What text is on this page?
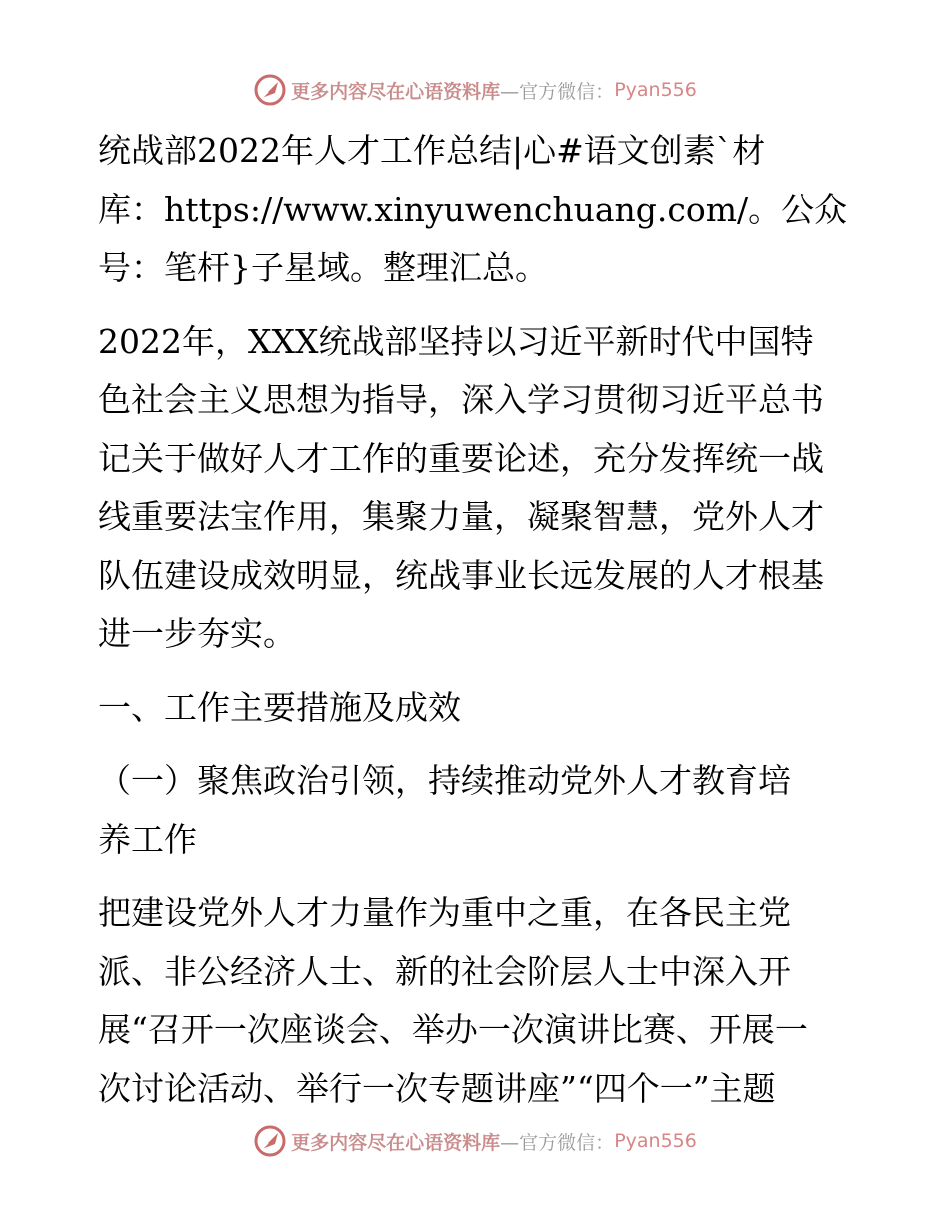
更多内容尽在心语资料库 —官方微信： Pyan556

统战部2022年人才工作总结|心#语文创素`材

库：https://www.xinyuwenchuang.com/。公众

号：笔杆}子星域。整理汇总。

2022年，XXX统战部坚持以习近平新时代中国特

色社会主义思想为指导，深入学习贯彻习近平总书

记关于做好人才工作的重要论述，充分发挥统一战

线重要法宝作用，集聚力量，凝聚智慧，党外人才

队伍建设成效明显，统战事业长远发展的人才根基

进一步夯实。

一、工作主要措施及成效

（一）聚焦政治引领，持续推动党外人才教育培

养工作

把建设党外人才力量作为重中之重，在各民主党

派、非公经济人士、新的社会阶层人士中深入开

展“召开一次座谈会、举办一次演讲比赛、开展一

次讨论活动、举行一次专题讲座”“四个一”主题

更多内容尽在心语资料库 —官方微信： Pyan556
